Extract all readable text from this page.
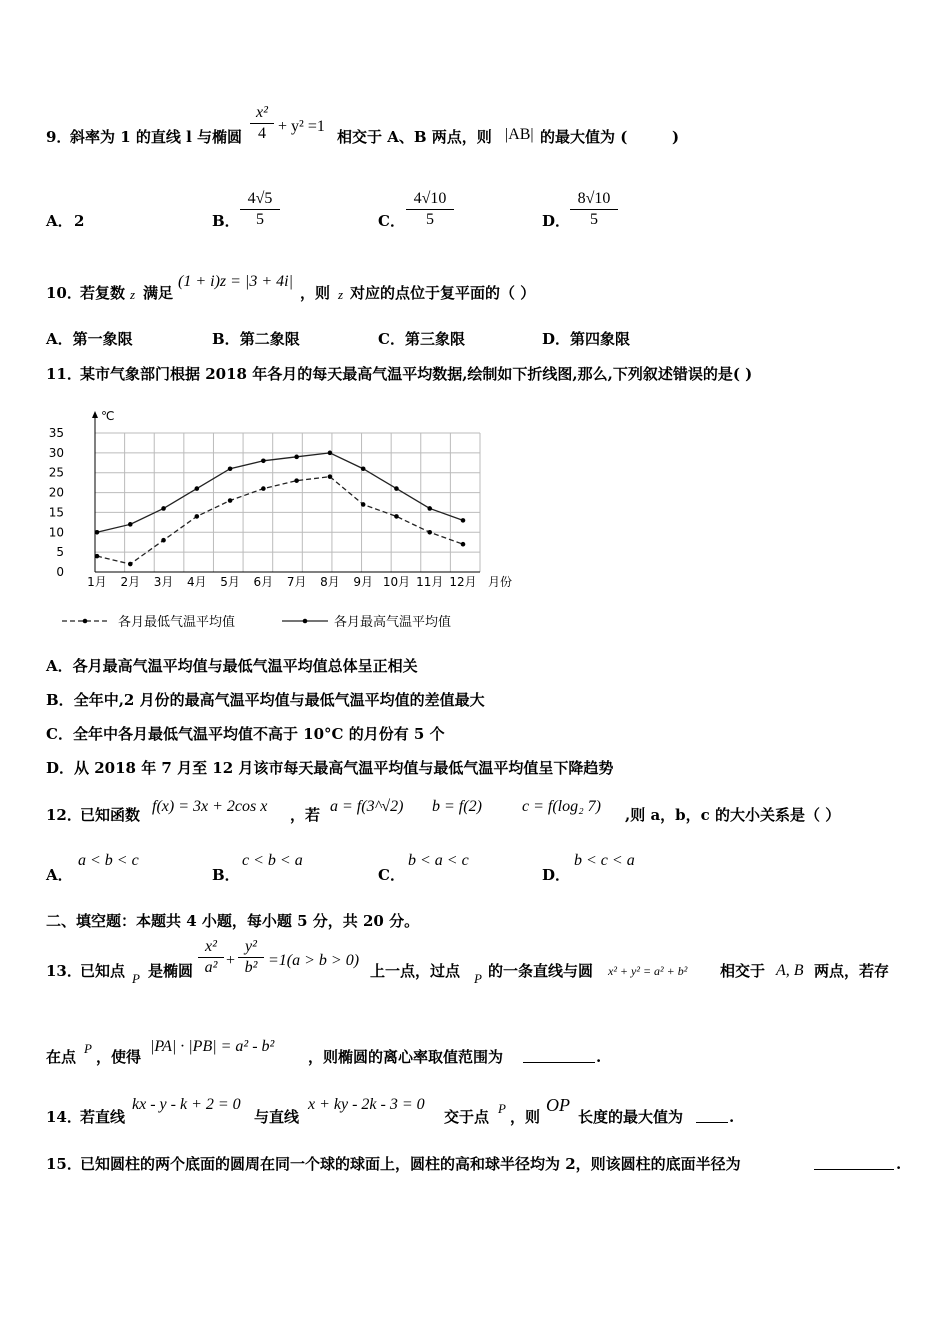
9．
斜率为 1 的直线 l 与椭圆
x²
4 + y² =1
相交于 A、B 两点，则 |AB| 的最大值为 (	)
A． 2	B．
4√5
5	C．
4√10
5	D．
8√10
5
10．
若复数 z 满足
(1 + i)z = |3 + 4i|
，则 z 对应的点位于复平面的（ ）
A．第一象限	B．第二象限	C．第三象限	D．第四象限
11．
某市气象部门根据 2018 年各月的每天最高气温平均数据,绘制如下折线图,那么,下列叙述错误的是( )
℃
0
5
10
15
20
25
30
35
1月 2月 3月 4月 5月 6月 7月 8月 9月 10月 11月 12月 月份
各月最低气温平均值	各月最高气温平均值
A．各月最高气温平均值与最低气温平均值总体呈正相关
B．全年中,2 月份的最高气温平均值与最低气温平均值的差值最大
C．全年中各月最低气温平均值不高于 10°C 的月份有 5 个
D．从 2018 年 7 月至 12 月该市每天最高气温平均值与最低气温平均值呈下降趋势
12．
已知函数 f(x) = 3x + 2cos x ，若 a = f(3^√2) b = f(2)	c = f(log₂ 7) ,则 a，b，c 的大小关系是（ ）
A．
a < b < c
B．
c < b < a
C．
b < a < c
D．
b < c < a
二、填空题：本题共 4 小题，每小题 5 分，共 20 分。
13．
已知点 P 是椭圆
x²
a² +
y²
b² =1(a > b > 0)
上一点，过点 P 的一条直线与圆 x² + y² = a² + b² 相交于 A, B 两点，若存
在点 P ，使得
|PA| · |PB| = a² - b²
，则椭圆的离心率取值范围为	.
14．
若直线
kx - y - k + 2 = 0
与直线
x + ky - 2k - 3 = 0
交于点 P ，则
OP
长度的最大值为	.
15．
已知圆柱的两个底面的圆周在同一个球的球面上，圆柱的高和球半径均为 2，则该圆柱的底面半径为	.
